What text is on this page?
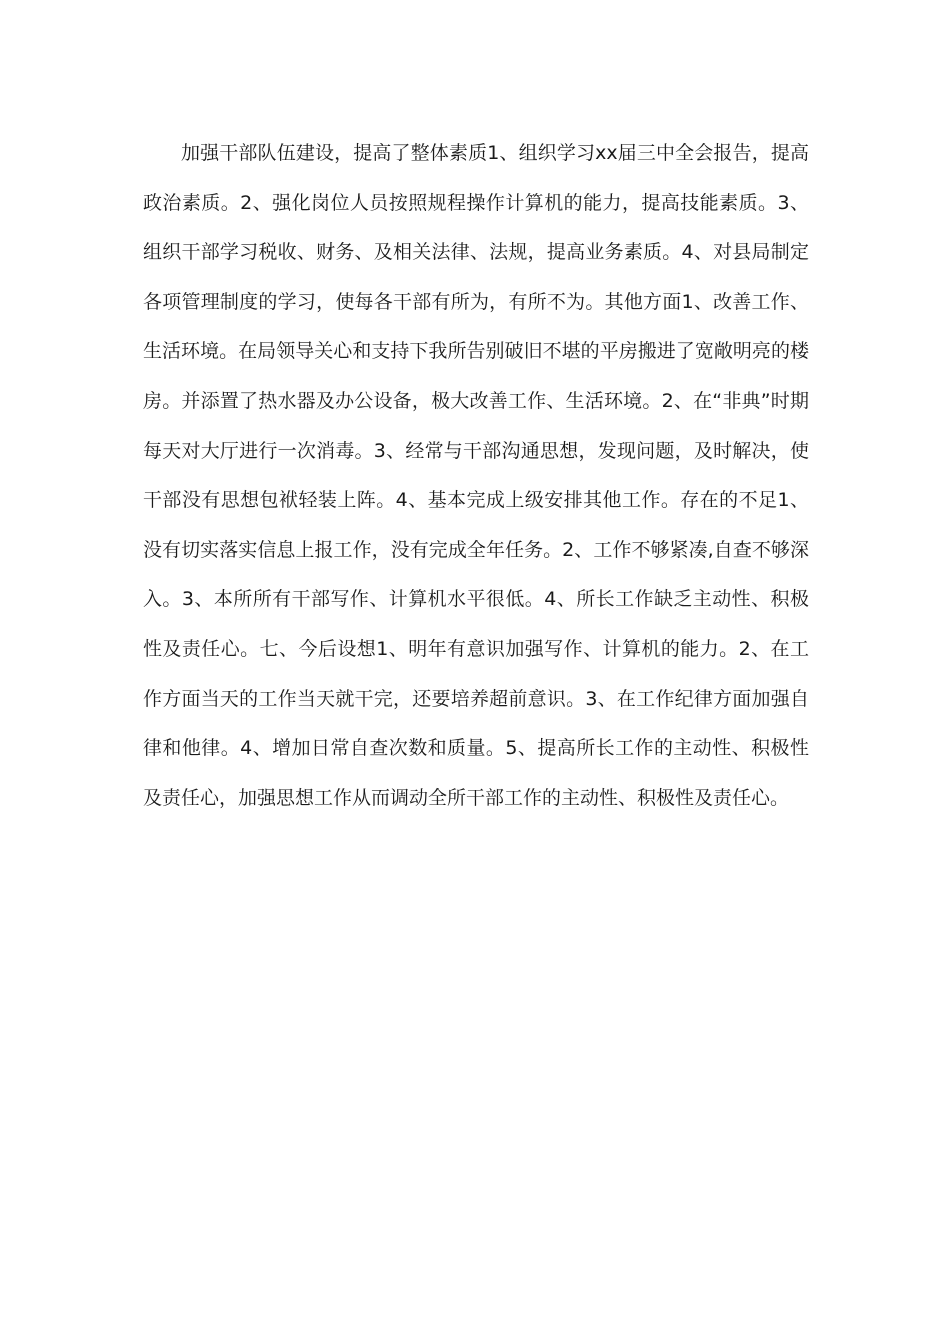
加强干部队伍建设，提高了整体素质1、组织学习xx届三中全会报告，提高政治素质。2、强化岗位人员按照规程操作计算机的能力，提高技能素质。3、组织干部学习税收、财务、及相关法律、法规，提高业务素质。4、对县局制定各项管理制度的学习，使每各干部有所为，有所不为。其他方面1、改善工作、生活环境。在局领导关心和支持下我所告别破旧不堪的平房搬进了宽敞明亮的楼房。并添置了热水器及办公设备，极大改善工作、生活环境。2、在“非典”时期每天对大厅进行一次消毒。3、经常与干部沟通思想，发现问题，及时解决，使干部没有思想包袱轻装上阵。4、基本完成上级安排其他工作。存在的不足1、没有切实落实信息上报工作，没有完成全年任务。2、工作不够紧凑,自查不够深入。3、本所所有干部写作、计算机水平很低。4、所长工作缺乏主动性、积极性及责任心。七、今后设想1、明年有意识加强写作、计算机的能力。2、在工作方面当天的工作当天就干完，还要培养超前意识。3、在工作纪律方面加强自律和他律。4、增加日常自查次数和质量。5、提高所长工作的主动性、积极性及责任心，加强思想工作从而调动全所干部工作的主动性、积极性及责任心。
